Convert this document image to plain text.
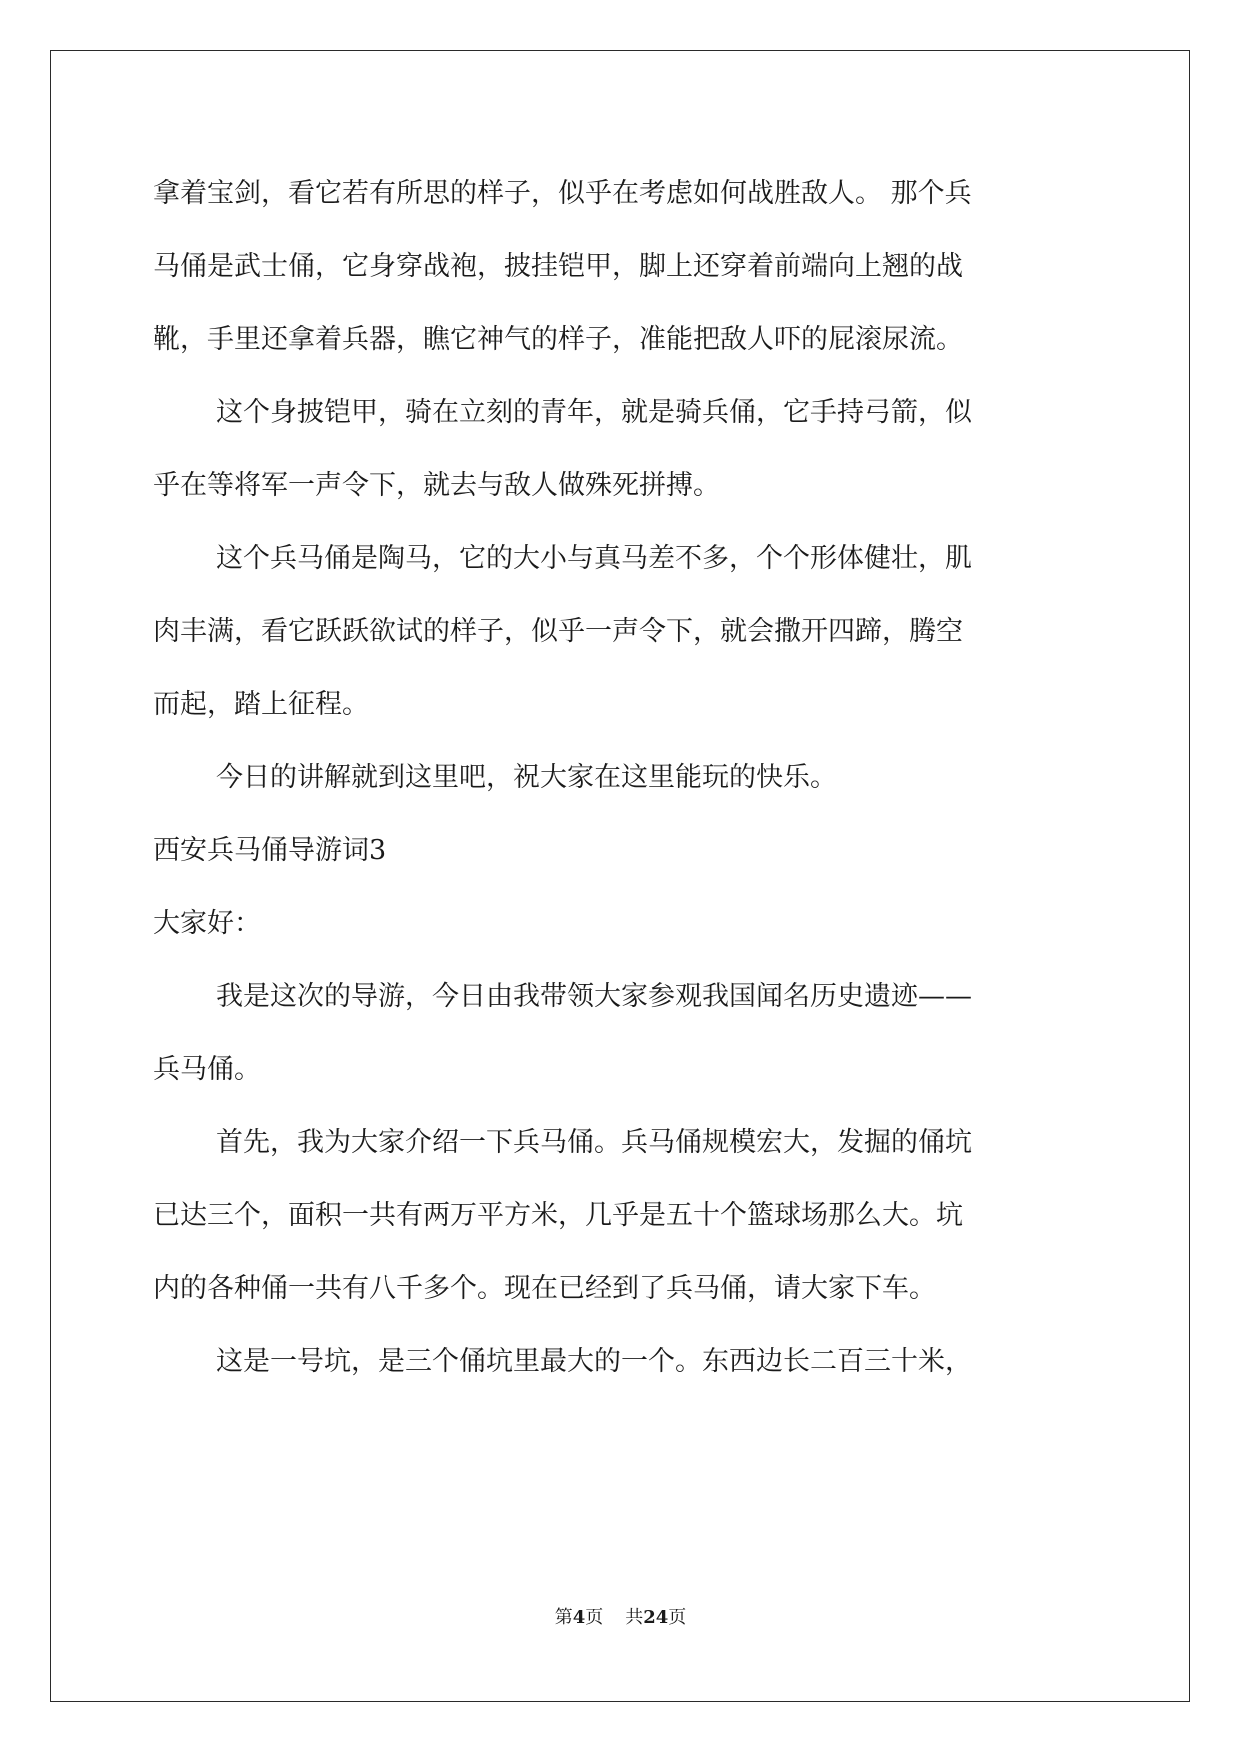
拿着宝剑，看它若有所思的样子，似乎在考虑如何战胜敌人。 那个兵
马俑是武士俑，它身穿战袍，披挂铠甲，脚上还穿着前端向上翘的战
靴，手里还拿着兵器，瞧它神气的样子，准能把敌人吓的屁滚尿流。

这个身披铠甲，骑在立刻的青年，就是骑兵俑，它手持弓箭，似
乎在等将军一声令下，就去与敌人做殊死拼搏。

这个兵马俑是陶马，它的大小与真马差不多，个个形体健壮，肌
肉丰满，看它跃跃欲试的样子，似乎一声令下，就会撒开四蹄，腾空
而起，踏上征程。

今日的讲解就到这里吧，祝大家在这里能玩的快乐。

西安兵马俑导游词3

大家好：

我是这次的导游，今日由我带领大家参观我国闻名历史遗迹——
兵马俑。

首先，我为大家介绍一下兵马俑。兵马俑规模宏大，发掘的俑坑
已达三个，面积一共有两万平方米，几乎是五十个篮球场那么大。坑
内的各种俑一共有八千多个。现在已经到了兵马俑，请大家下车。

这是一号坑，是三个俑坑里最大的一个。东西边长二百三十米，

第4页 共24页
